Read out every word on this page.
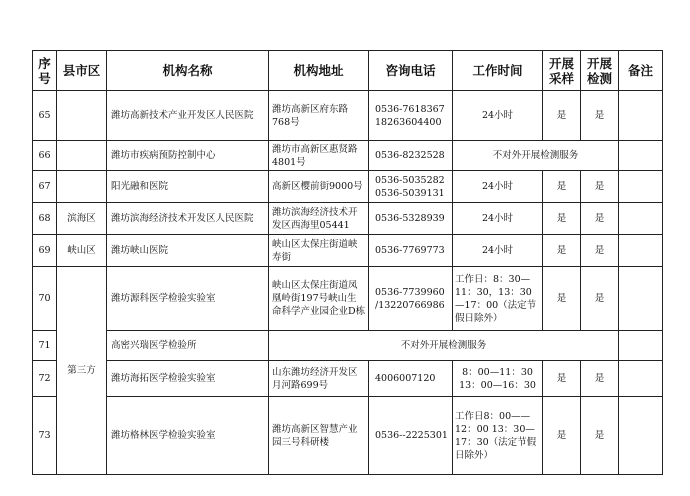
序号	县市区	机构名称	机构地址	咨询电话	工作时间	开展采样	开展检测	备注
65		潍坊高新技术产业开发区人民医院	潍坊高新区府东路768号	0536-7618367 18263604400	24小时	是	是	
66		潍坊市疾病预防控制中心	潍坊市高新区惠贤路4801号	0536-8232528	不对外开展检测服务			
67		阳光融和医院	高新区樱前街9000号	0536-5035282 0536-5039131	24小时	是	是	
68	滨海区	潍坊滨海经济技术开发区人民医院	潍坊滨海经济技术开发区西海里05441	0536-5328939	24小时	是	是	
69	峡山区	潍坊峡山医院	峡山区太保庄街道峡寿街	0536-7769773	24小时	是	是	
70	第三方	潍坊源科医学检验实验室	峡山区太保庄街道凤凰岭街197号峡山生命科学产业园企业D栋	0536-7739960 /13220766986	工作日：8：30—11：30，13：30—17：00（法定节假日除外）	是	是	
71		高密兴瑞医学检验所	不对外开展检测服务					
72		潍坊海拓医学检验实验室	山东潍坊经济开发区月河路699号	4006007120	8：00—11：30 13：00—16：30	是	是	
73		潍坊格林医学检验实验室	潍坊高新区智慧产业园三号科研楼	0536--2225301	工作日8：00——12：00 13：30—17：30（法定节假日除外）	是	是	
